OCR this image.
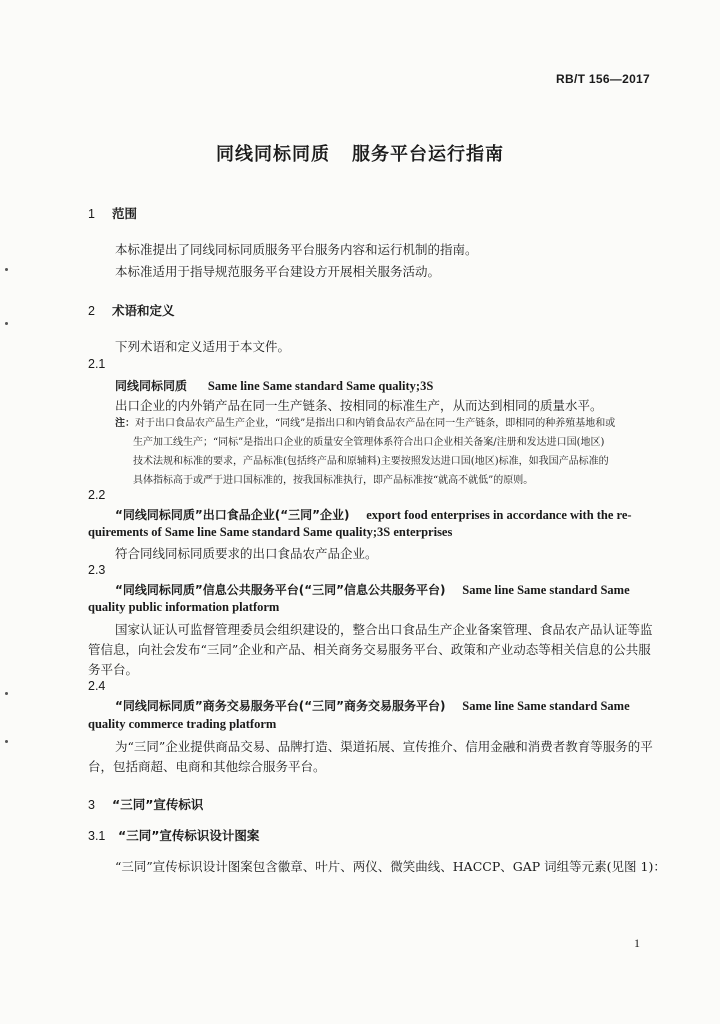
RB/T 156—2017
同线同标同质 服务平台运行指南
1 范围
本标准提出了同线同标同质服务平台服务内容和运行机制的指南。
本标准适用于指导规范服务平台建设方开展相关服务活动。
2 术语和定义
下列术语和定义适用于本文件。
2.1
同线同标同质 Same line Same standard Same quality;3S
出口企业的内外销产品在同一生产链条、按相同的标准生产，从而达到相同的质量水平。
注：对于出口食品农产品生产企业，“同线”是指出口和内销食品农产品在同一生产链条，即相同的种养殖基地和或
生产加工线生产；“同标”是指出口企业的质量安全管理体系符合出口企业相关备案/注册和发达进口国(地区)
技术法规和标准的要求，产品标准(包括终产品和原辅料)主要按照发达进口国(地区)标准，如我国产品标准的
具体指标高于或严于进口国标准的，按我国标准执行，即产品标准按“就高不就低”的原则。
2.2
“同线同标同质”出口食品企业(“三同”企业) export food enterprises in accordance with the re-
quirements of Same line Same standard Same quality;3S enterprises
符合同线同标同质要求的出口食品农产品企业。
2.3
“同线同标同质”信息公共服务平台(“三同”信息公共服务平台) Same line Same standard Same
quality public information platform
国家认证认可监督管理委员会组织建设的，整合出口食品生产企业备案管理、食品农产品认证等监
管信息，向社会发布“三同”企业和产品、相关商务交易服务平台、政策和产业动态等相关信息的公共服
务平台。
2.4
“同线同标同质”商务交易服务平台(“三同”商务交易服务平台) Same line Same standard Same
quality commerce trading platform
为“三同”企业提供商品交易、品牌打造、渠道拓展、宣传推介、信用金融和消费者教育等服务的平
台，包括商超、电商和其他综合服务平台。
3 “三同”宣传标识
3.1 “三同”宣传标识设计图案
“三同”宣传标识设计图案包含徽章、叶片、两仪、微笑曲线、HACCP、GAP 词组等元素(见图 1)：
1
